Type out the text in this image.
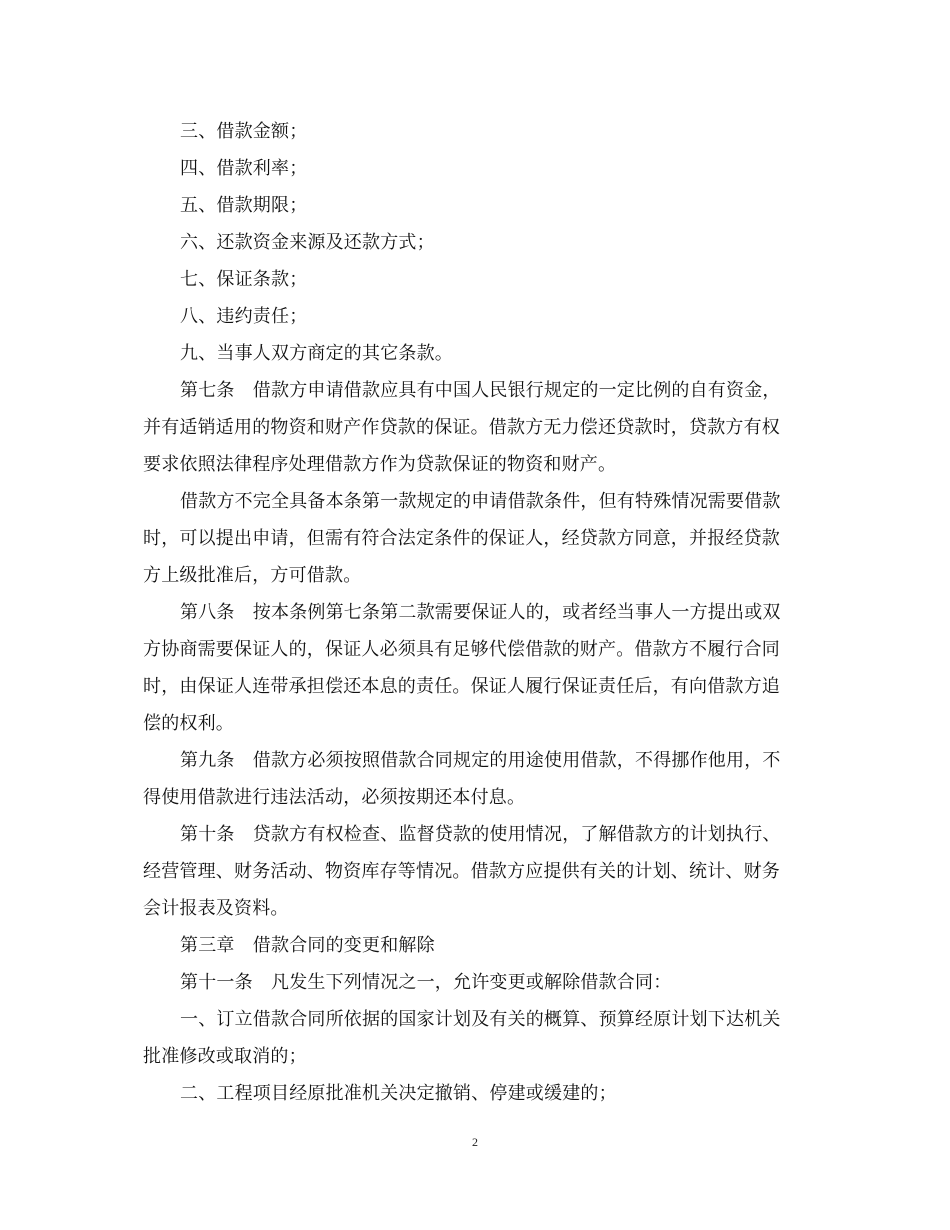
三、借款金额；
四、借款利率；
五、借款期限；
六、还款资金来源及还款方式；
七、保证条款；
八、违约责任；
九、当事人双方商定的其它条款。
第七条　借款方申请借款应具有中国人民银行规定的一定比例的自有资金，
并有适销适用的物资和财产作贷款的保证。借款方无力偿还贷款时，贷款方有权
要求依照法律程序处理借款方作为贷款保证的物资和财产。
借款方不完全具备本条第一款规定的申请借款条件，但有特殊情况需要借款
时，可以提出申请，但需有符合法定条件的保证人，经贷款方同意，并报经贷款
方上级批准后，方可借款。
第八条　按本条例第七条第二款需要保证人的，或者经当事人一方提出或双
方协商需要保证人的，保证人必须具有足够代偿借款的财产。借款方不履行合同
时，由保证人连带承担偿还本息的责任。保证人履行保证责任后，有向借款方追
偿的权利。
第九条　借款方必须按照借款合同规定的用途使用借款，不得挪作他用，不
得使用借款进行违法活动，必须按期还本付息。
第十条　贷款方有权检查、监督贷款的使用情况，了解借款方的计划执行、
经营管理、财务活动、物资库存等情况。借款方应提供有关的计划、统计、财务
会计报表及资料。
第三章　借款合同的变更和解除
第十一条　凡发生下列情况之一，允许变更或解除借款合同：
一、订立借款合同所依据的国家计划及有关的概算、预算经原计划下达机关
批准修改或取消的；
二、工程项目经原批准机关决定撤销、停建或缓建的；
2
